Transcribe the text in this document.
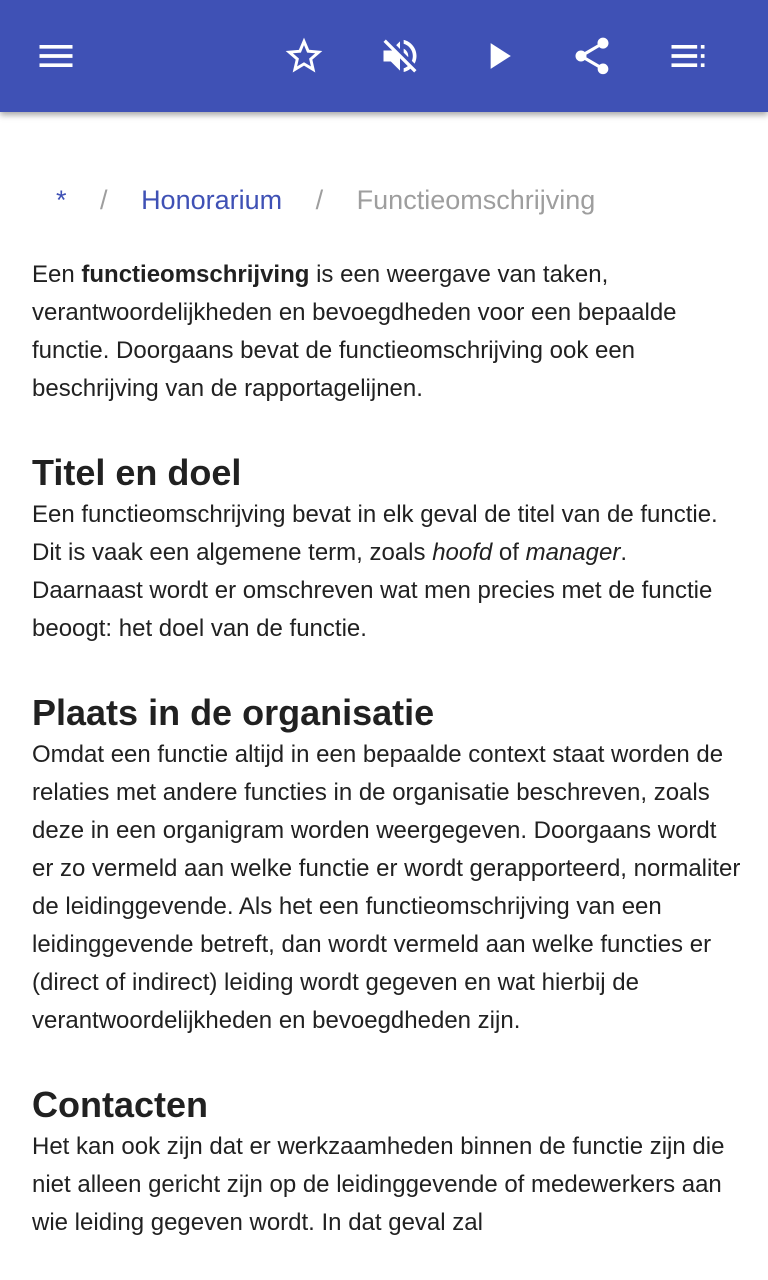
* / Honorarium / Functieomschrijving

Een functieomschrijving is een weergave van taken, verantwoordelijkheden en bevoegdheden voor een bepaalde functie. Doorgaans bevat de functieomschrijving ook een beschrijving van de rapportagelijnen.

Titel en doel

Een functieomschrijving bevat in elk geval de titel van de functie. Dit is vaak een algemene term, zoals hoofd of manager. Daarnaast wordt er omschreven wat men precies met de functie beoogt: het doel van de functie.

Plaats in de organisatie

Omdat een functie altijd in een bepaalde context staat worden de relaties met andere functies in de organisatie beschreven, zoals deze in een organigram worden weergegeven. Doorgaans wordt er zo vermeld aan welke functie er wordt gerapporteerd, normaliter de leidinggevende. Als het een functieomschrijving van een leidinggevende betreft, dan wordt vermeld aan welke functies er (direct of indirect) leiding wordt gegeven en wat hierbij de verantwoordelijkheden en bevoegdheden zijn.

Contacten

Het kan ook zijn dat er werkzaamheden binnen de functie zijn die niet alleen gericht zijn op de leidinggevende of medewerkers aan wie leiding gegeven wordt. In dat geval zal
